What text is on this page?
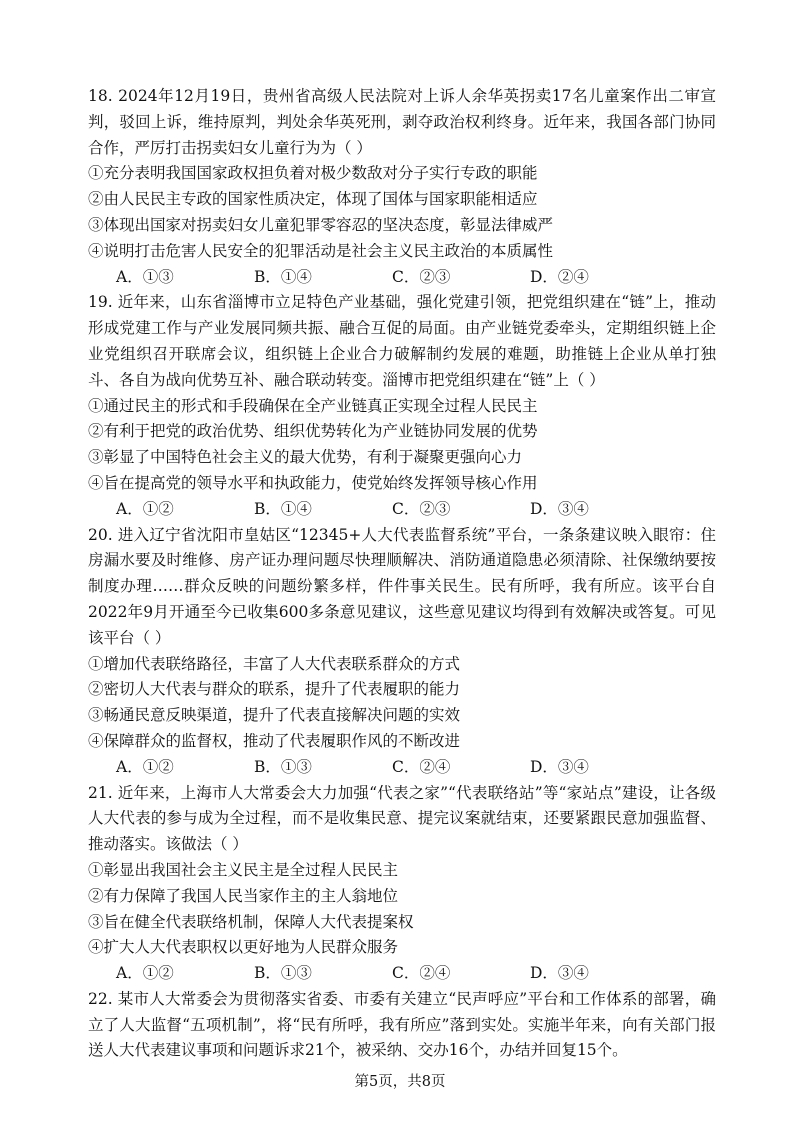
18. 2024年12月19日，贵州省高级人民法院对上诉人余华英拐卖17名儿童案作出二审宣判，驳回上诉，维持原判，判处余华英死刑，剥夺政治权利终身。近年来，我国各部门协同合作，严厉打击拐卖妇女儿童行为为（ ）
①充分表明我国国家政权担负着对极少数敌对分子实行专政的职能
②由人民民主专政的国家性质决定，体现了国体与国家职能相适应
③体现出国家对拐卖妇女儿童犯罪零容忍的坚决态度，彰显法律威严
④说明打击危害人民安全的犯罪活动是社会主义民主政治的本质属性
A．①③	B．①④	C．②③	D．②④
19. 近年来，山东省淄博市立足特色产业基础，强化党建引领，把党组织建在“链”上，推动形成党建工作与产业发展同频共振、融合互促的局面。由产业链党委牵头，定期组织链上企业党组织召开联席会议，组织链上企业合力破解制约发展的难题，助推链上企业从单打独斗、各自为战向优势互补、融合联动转变。淄博市把党组织建在“链”上（ ）
①通过民主的形式和手段确保在全产业链真正实现全过程人民民主
②有利于把党的政治优势、组织优势转化为产业链协同发展的优势
③彰显了中国特色社会主义的最大优势，有利于凝聚更强向心力
④旨在提高党的领导水平和执政能力，使党始终发挥领导核心作用
A．①②	B．①④	C．②③	D．③④
20. 进入辽宁省沈阳市皇姑区“12345+人大代表监督系统”平台，一条条建议映入眼帘：住房漏水要及时维修、房产证办理问题尽快理顺解决、消防通道隐患必须清除、社保缴纳要按制度办理……群众反映的问题纷繁多样，件件事关民生。民有所呼，我有所应。该平台自2022年9月开通至今已收集600多条意见建议，这些意见建议均得到有效解决或答复。可见该平台（ ）
①增加代表联络路径，丰富了人大代表联系群众的方式
②密切人大代表与群众的联系，提升了代表履职的能力
③畅通民意反映渠道，提升了代表直接解决问题的实效
④保障群众的监督权，推动了代表履职作风的不断改进
A．①②	B．①③	C．②④	D．③④
21. 近年来，上海市人大常委会大力加强“代表之家”“代表联络站”等“家站点”建设，让各级人大代表的参与成为全过程，而不是收集民意、提完议案就结束，还要紧跟民意加强监督、推动落实。该做法（ ）
①彰显出我国社会主义民主是全过程人民民主
②有力保障了我国人民当家作主的主人翁地位
③旨在健全代表联络机制，保障人大代表提案权
④扩大人大代表职权以更好地为人民群众服务
A．①②	B．①③	C．②④	D．③④
22. 某市人大常委会为贯彻落实省委、市委有关建立“民声呼应”平台和工作体系的部署，确立了人大监督“五项机制”，将“民有所呼，我有所应”落到实处。实施半年来，向有关部门报送人大代表建议事项和问题诉求21个，被采纳、交办16个，办结并回复15个。
第5页，共8页
